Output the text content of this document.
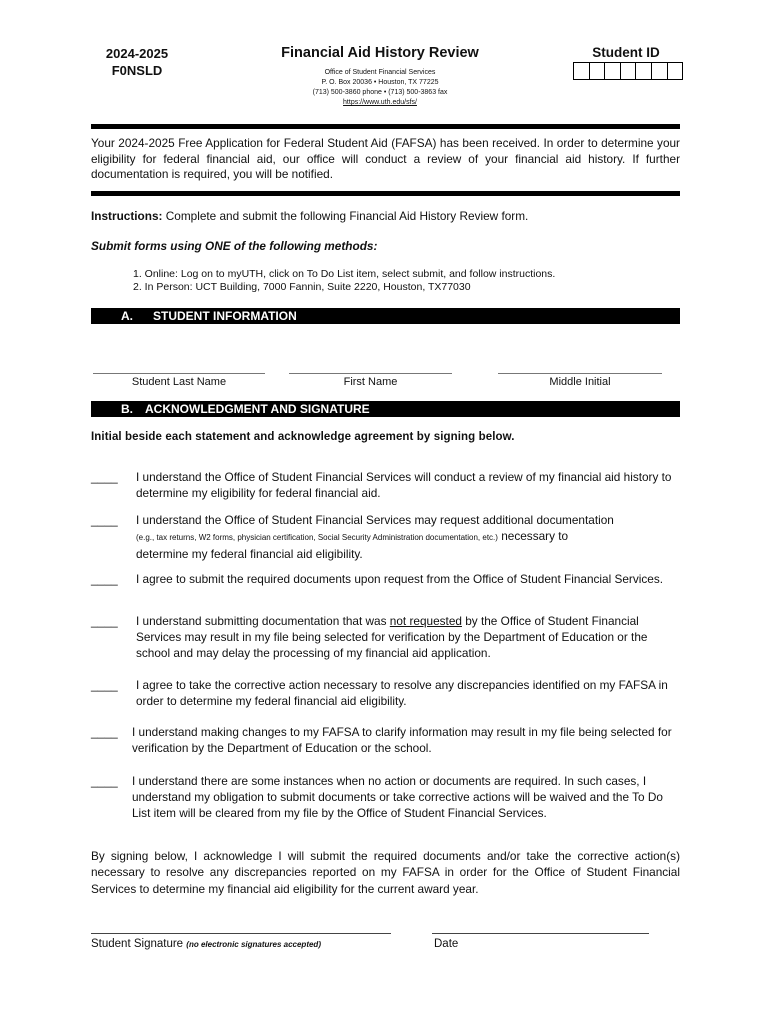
2024-2025
F0NSLD
Financial Aid History Review
Office of Student Financial Services
P. O. Box 20036 • Houston, TX 77225
(713) 500-3860 phone • (713) 500-3863 fax
https://www.uth.edu/sfs/
Student ID
Your 2024-2025 Free Application for Federal Student Aid (FAFSA) has been received. In order to determine your eligibility for federal financial aid, our office will conduct a review of your financial aid history. If further documentation is required, you will be notified.
Instructions: Complete and submit the following Financial Aid History Review form.
Submit forms using ONE of the following methods:
1. Online: Log on to myUTH, click on To Do List item, select submit, and follow instructions.
2. In Person: UCT Building, 7000 Fannin, Suite 2220, Houston, TX77030
A. STUDENT INFORMATION
Student Last Name	First Name	Middle Initial
B. ACKNOWLEDGMENT AND SIGNATURE
Initial beside each statement and acknowledge agreement by signing below.
____ I understand the Office of Student Financial Services will conduct a review of my financial aid history to determine my eligibility for federal financial aid.
____ I understand the Office of Student Financial Services may request additional documentation
(e.g., tax returns, W2 forms, physician certification, Social Security Administration documentation, etc.) necessary to
determine my federal financial aid eligibility.
____ I agree to submit the required documents upon request from the Office of Student Financial Services.
____ I understand submitting documentation that was not requested by the Office of Student Financial Services may result in my file being selected for verification by the Department of Education or the school and may delay the processing of my financial aid application.
____ I agree to take the corrective action necessary to resolve any discrepancies identified on my FAFSA in order to determine my federal financial aid eligibility.
____ I understand making changes to my FAFSA to clarify information may result in my file being selected for verification by the Department of Education or the school.
____ I understand there are some instances when no action or documents are required. In such cases, I understand my obligation to submit documents or take corrective actions will be waived and the To Do List item will be cleared from my file by the Office of Student Financial Services.
By signing below, I acknowledge I will submit the required documents and/or take the corrective action(s) necessary to resolve any discrepancies reported on my FAFSA in order for the Office of Student Financial Services to determine my financial aid eligibility for the current award year.
Student Signature (no electronic signatures accepted)	Date
